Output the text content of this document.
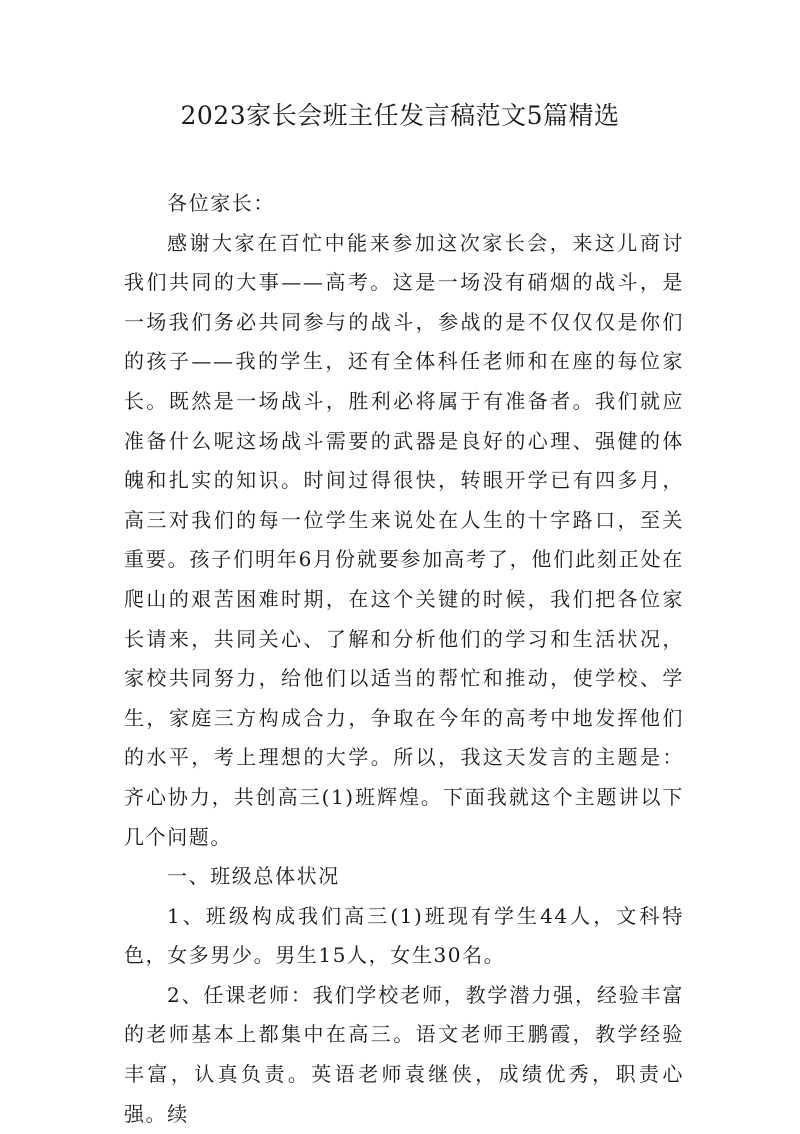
2023家长会班主任发言稿范文5篇精选

各位家长：

感谢大家在百忙中能来参加这次家长会，来这儿商讨我们共同的大事——高考。这是一场没有硝烟的战斗，是一场我们务必共同参与的战斗，参战的是不仅仅仅是你们的孩子——我的学生，还有全体科任老师和在座的每位家长。既然是一场战斗，胜利必将属于有准备者。我们就应准备什么呢这场战斗需要的武器是良好的心理、强健的体魄和扎实的知识。时间过得很快，转眼开学已有四多月，高三对我们的每一位学生来说处在人生的十字路口，至关重要。孩子们明年6月份就要参加高考了，他们此刻正处在爬山的艰苦困难时期，在这个关键的时候，我们把各位家长请来，共同关心、了解和分析他们的学习和生活状况，家校共同努力，给他们以适当的帮忙和推动，使学校、学生，家庭三方构成合力，争取在今年的高考中地发挥他们的水平，考上理想的大学。所以，我这天发言的主题是：齐心协力，共创高三(1)班辉煌。下面我就这个主题讲以下几个问题。

一、班级总体状况

1、班级构成我们高三(1)班现有学生44人，文科特色，女多男少。男生15人，女生30名。

2、任课老师：我们学校老师，教学潜力强，经验丰富的老师基本上都集中在高三。语文老师王鹏霞，教学经验丰富，认真负责。英语老师袁继侠，成绩优秀，职责心强。续
